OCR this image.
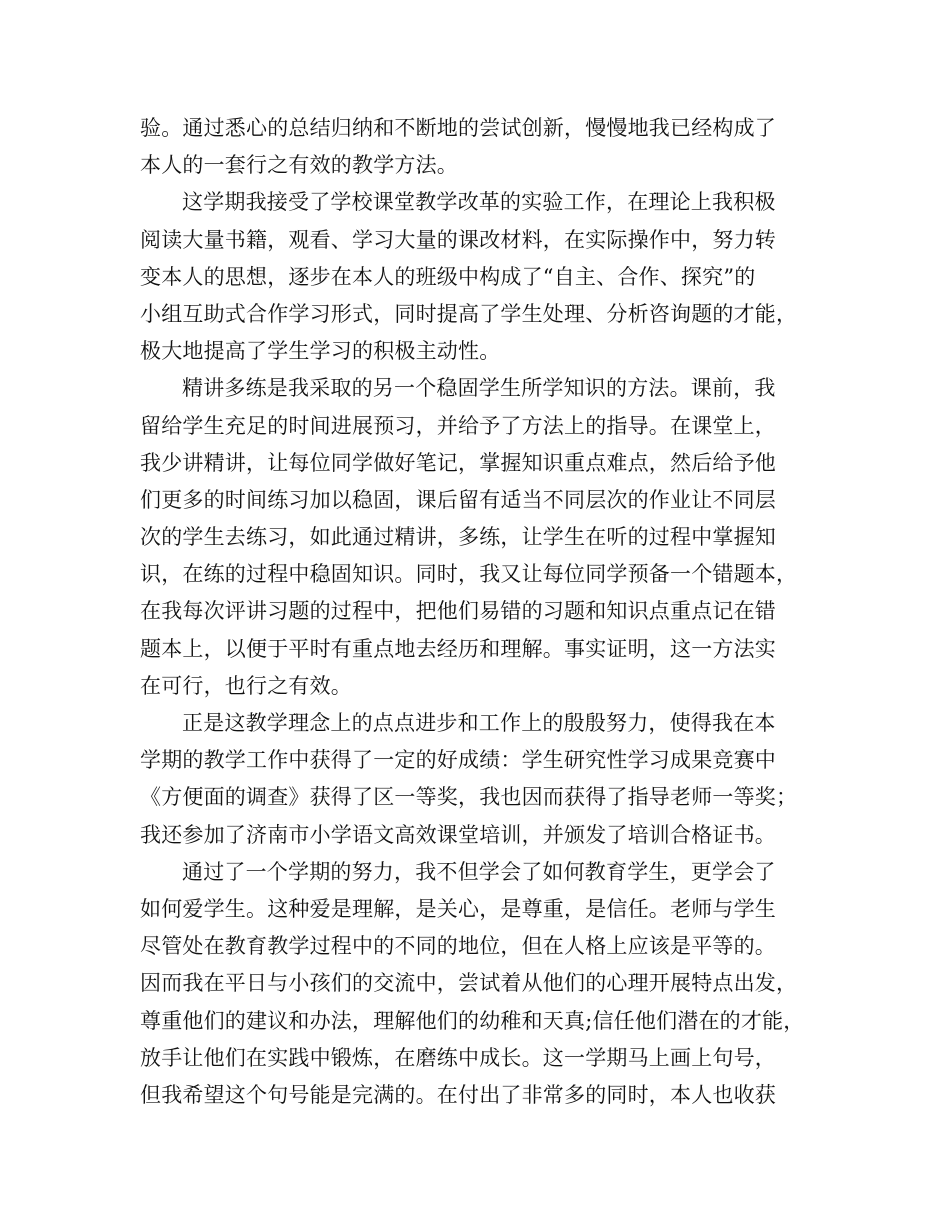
验。通过悉心的总结归纳和不断地的尝试创新，慢慢地我已经构成了
本人的一套行之有效的教学方法。
这学期我接受了学校课堂教学改革的实验工作，在理论上我积极
阅读大量书籍，观看、学习大量的课改材料，在实际操作中，努力转
变本人的思想，逐步在本人的班级中构成了“自主、合作、探究”的
小组互助式合作学习形式，同时提高了学生处理、分析咨询题的才能，
极大地提高了学生学习的积极主动性。
精讲多练是我采取的另一个稳固学生所学知识的方法。课前，我
留给学生充足的时间进展预习，并给予了方法上的指导。在课堂上，
我少讲精讲，让每位同学做好笔记，掌握知识重点难点，然后给予他
们更多的时间练习加以稳固，课后留有适当不同层次的作业让不同层
次的学生去练习，如此通过精讲，多练，让学生在听的过程中掌握知
识，在练的过程中稳固知识。同时，我又让每位同学预备一个错题本，
在我每次评讲习题的过程中，把他们易错的习题和知识点重点记在错
题本上，以便于平时有重点地去经历和理解。事实证明，这一方法实
在可行，也行之有效。
正是这教学理念上的点点进步和工作上的殷殷努力，使得我在本
学期的教学工作中获得了一定的好成绩：学生研究性学习成果竞赛中
《方便面的调查》获得了区一等奖，我也因而获得了指导老师一等奖；
我还参加了济南市小学语文高效课堂培训，并颁发了培训合格证书。
通过了一个学期的努力，我不但学会了如何教育学生，更学会了
如何爱学生。这种爱是理解，是关心，是尊重，是信任。老师与学生
尽管处在教育教学过程中的不同的地位，但在人格上应该是平等的。
因而我在平日与小孩们的交流中，尝试着从他们的心理开展特点出发，
尊重他们的建议和办法，理解他们的幼稚和天真;信任他们潜在的才能，
放手让他们在实践中锻炼，在磨练中成长。这一学期马上画上句号，
但我希望这个句号能是完满的。在付出了非常多的同时，本人也收获
